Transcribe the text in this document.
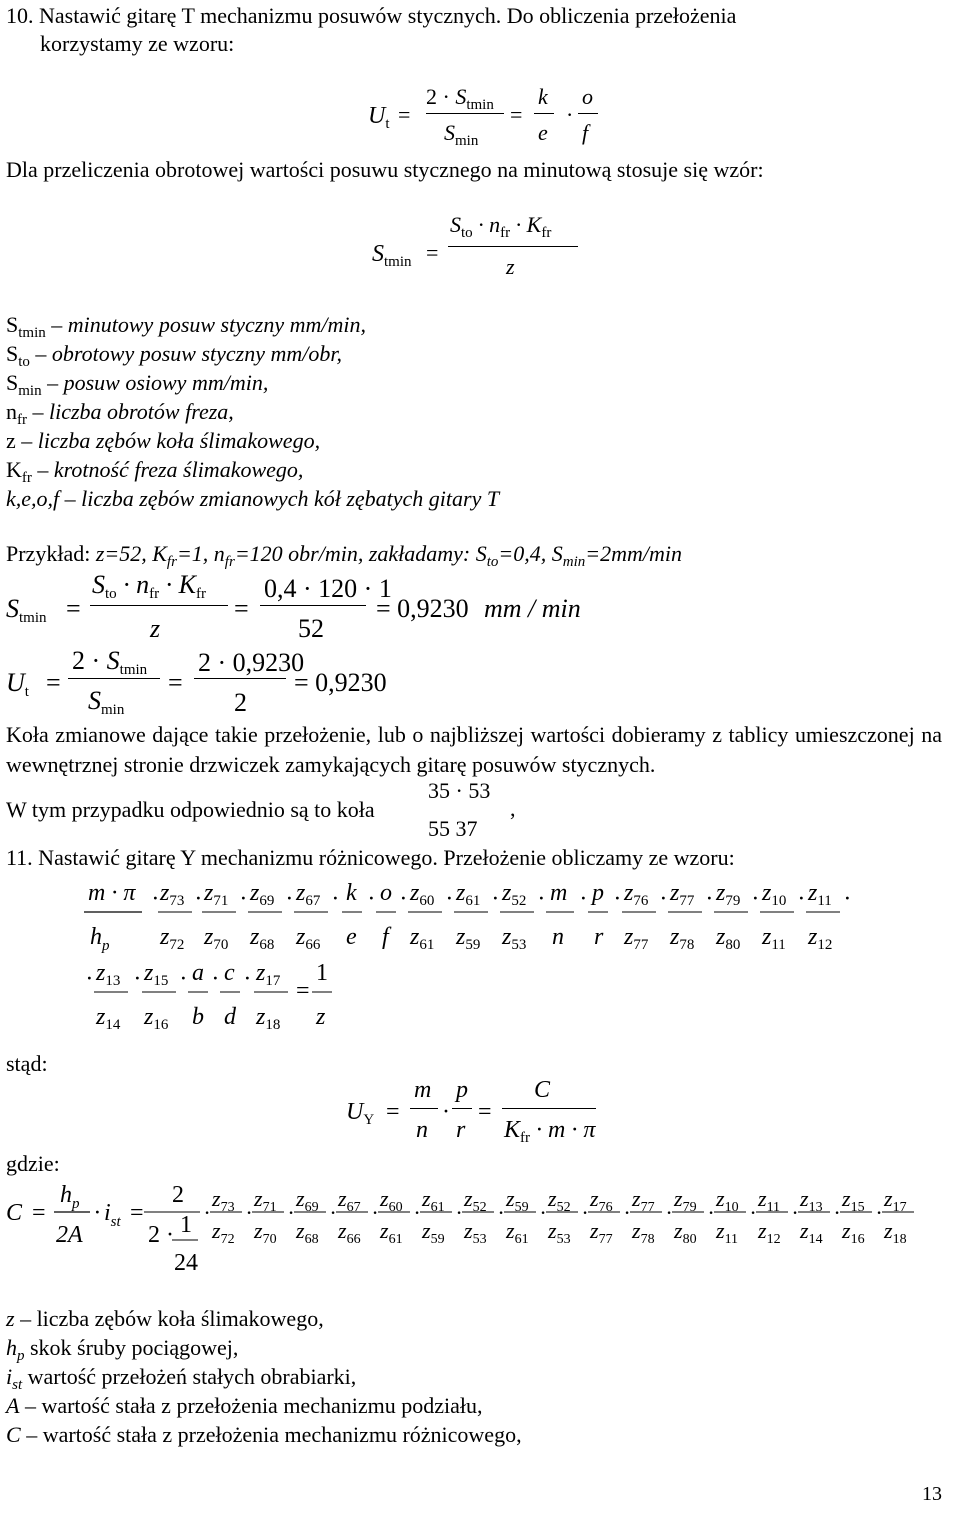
10. Nastawić gitarę T mechanizmu posuwów stycznych. Do obliczenia przełożenia
korzystamy ze wzoru:
$U_t$ =
$2 \cdot S_{tmin}$
$S_{min}$
=
k
e
·
o
f
Dla przeliczenia obrotowej wartości posuwu stycznego na minutową stosuje się wzór:
$S_{tmin}$ =
$S_{to} \cdot n_{fr} \cdot K_{fr}$
z
$S_{tmin}$ – minutowy posuw styczny mm/min,
$S_{to}$ – obrotowy posuw styczny mm/obr,
$S_{min}$ – posuw osiowy mm/min,
$n_{fr}$ – liczba obrotów freza,
z – liczba zębów koła ślimakowego,
$K_{fr}$ – krotność freza ślimakowego,
k,e,o,f – liczba zębów zmianowych kół zębatych gitary T
Przykład: z=52, $K_{fr}=1$, $n_{fr}=120$ obr/min, zakładamy: $S_{to}=0,4$, $S_{min}=2mm/\min$
$S_{tmin}$ =
$S_{to} \cdot n_{fr} \cdot K_{fr}$
z
=
0,4 · 120 · 1
52
= 0,9230 mm / min
$U_t$ =
$2 \cdot S_{tmin}$
$S_{min}$
=
2 · 0,9230
2
= 0,9230
Koła zmianowe dające takie przełożenie, lub o najbliższej wartości dobieramy z tablicy umieszczonej na wewnętrznej stronie drzwiczek zamykających gitarę posuwów stycznych.
W tym przypadku odpowiednio są to koła
35 · 53
55 37
,
11. Nastawić gitarę Y mechanizmu różnicowego. Przełożenie obliczamy ze wzoru:
m · π
$h_p$
· $z_{73}$
$z_{72}$
· $z_{71}$
$z_{70}$
· $z_{69}$
$z_{68}$
· $z_{67}$
$z_{66}$
· k
e
· o
f
· $z_{60}$
$z_{61}$
· $z_{61}$
$z_{59}$
· $z_{52}$
$z_{53}$
· m
n
· p
r
· $z_{76}$
$z_{77}$
· $z_{77}$
$z_{78}$
· $z_{79}$
$z_{80}$
· $z_{10}$
$z_{11}$
· $z_{11}$
$z_{12}$
·
· $z_{13}$
$z_{14}$
· $z_{15}$
$z_{16}$
· a
b
· c
d
· $z_{17}$
$z_{18}$
=
1
z
stąd:
$U_Y$ =
m
n
·
p
r
=
C
$K_{fr} \cdot m \cdot \pi$
gdzie:
C =
$h_p$
2A
· $i_{st}$ =
2
2 · 1
24
·
$z_{73}$
$z_{72}$
·
$z_{71}$
$z_{70}$
·
$z_{69}$
$z_{68}$
·
$z_{67}$
$z_{66}$
·
$z_{60}$
$z_{61}$
·
$z_{61}$
$z_{59}$
·
$z_{52}$
$z_{53}$
·
$z_{59}$
$z_{61}$
·
$z_{52}$
$z_{53}$
·
$z_{76}$
$z_{77}$
·
$z_{77}$
$z_{78}$
·
$z_{79}$
$z_{80}$
·
$z_{10}$
$z_{11}$
·
$z_{11}$
$z_{12}$
·
$z_{13}$
$z_{14}$
·
$z_{15}$
$z_{16}$
·
$z_{17}$
$z_{18}$
z – liczba zębów koła ślimakowego,
$h_p$ skok śruby pociągowej,
$i_{st}$ wartość przełożeń stałych obrabiarki,
A – wartość stała z przełożenia mechanizmu podziału,
C – wartość stała z przełożenia mechanizmu różnicowego,
13
